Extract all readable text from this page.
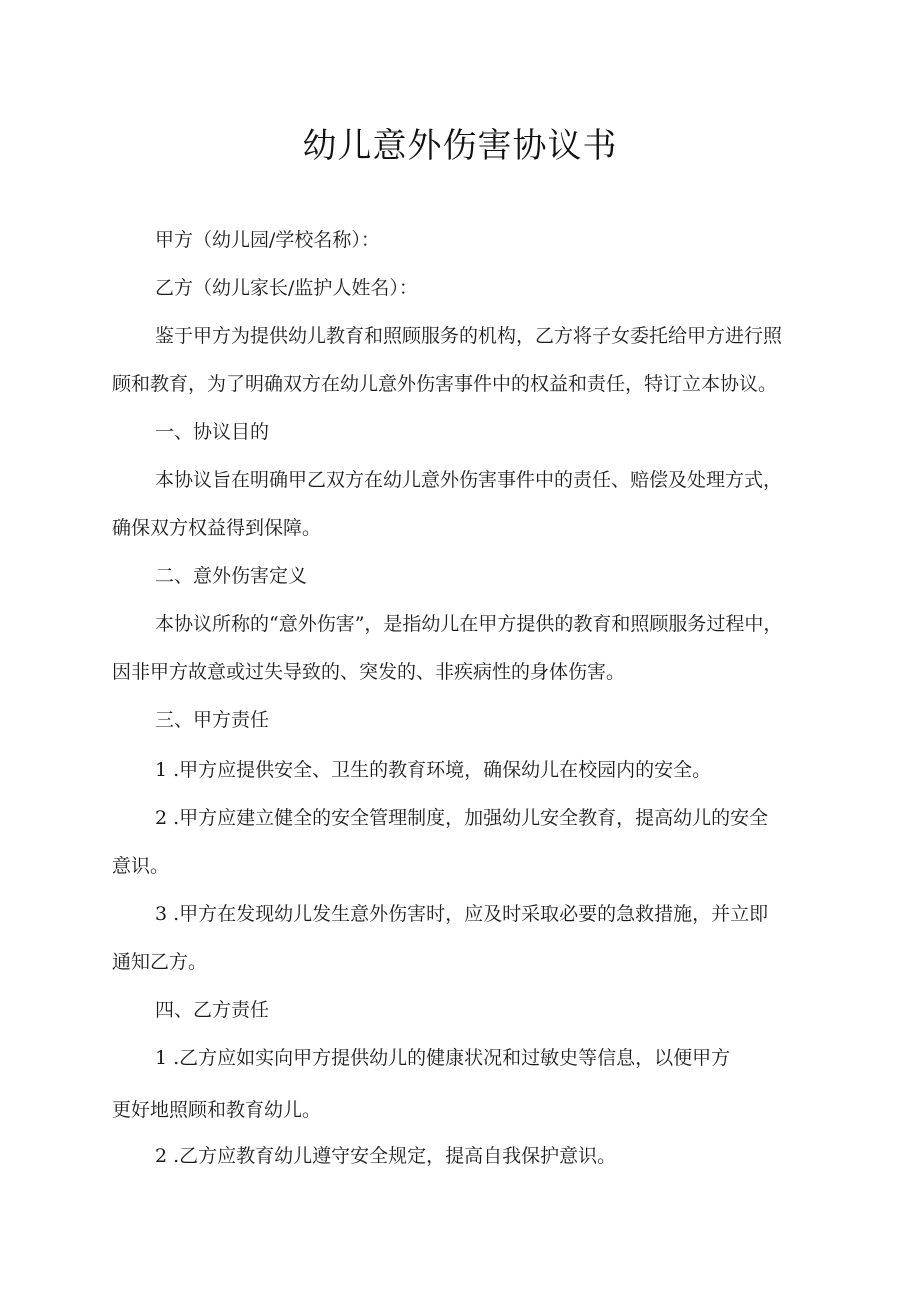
幼儿意外伤害协议书
甲方（幼儿园/学校名称）：
乙方（幼儿家长/监护人姓名）：
鉴于甲方为提供幼儿教育和照顾服务的机构，乙方将子女委托给甲方进行照
顾和教育，为了明确双方在幼儿意外伤害事件中的权益和责任，特订立本协议。
一、协议目的
本协议旨在明确甲乙双方在幼儿意外伤害事件中的责任、赔偿及处理方式，
确保双方权益得到保障。
二、意外伤害定义
本协议所称的“意外伤害”，是指幼儿在甲方提供的教育和照顾服务过程中，
因非甲方故意或过失导致的、突发的、非疾病性的身体伤害。
三、甲方责任
1 .甲方应提供安全、卫生的教育环境，确保幼儿在校园内的安全。
2 .甲方应建立健全的安全管理制度，加强幼儿安全教育，提高幼儿的安全
意识。
3 .甲方在发现幼儿发生意外伤害时，应及时采取必要的急救措施，并立即
通知乙方。
四、乙方责任
1 .乙方应如实向甲方提供幼儿的健康状况和过敏史等信息，以便甲方
更好地照顾和教育幼儿。
2 .乙方应教育幼儿遵守安全规定，提高自我保护意识。
